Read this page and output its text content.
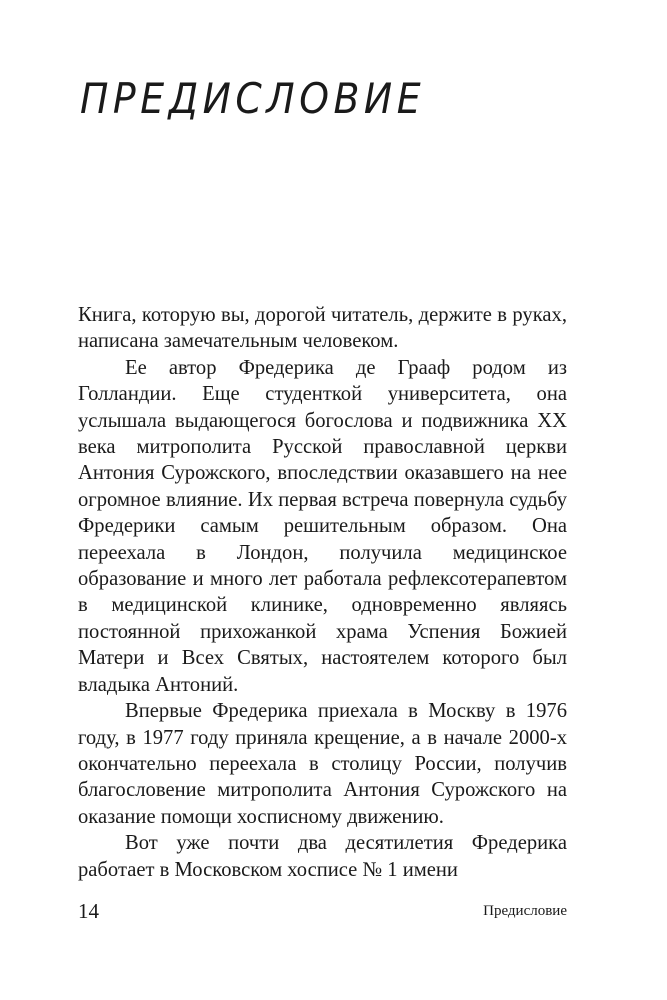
ПРЕДИСЛОВИЕ

Книга, которую вы, дорогой читатель, держите в руках, написана замечательным человеком.

Ее автор Фредерика де Грааф родом из Голландии. Еще студенткой университета, она услышала выдающегося богослова и подвижника XX века митрополита Русской православной церкви Антония Сурожского, впоследствии оказавшего на нее огромное влияние. Их первая встреча повернула судьбу Фредерики самым решительным образом. Она переехала в Лондон, получила медицинское образование и много лет работала рефлексотерапевтом в медицинской клинике, одновременно являясь постоянной прихожанкой храма Успения Божией Матери и Всех Святых, настоятелем которого был владыка Антоний.

Впервые Фредерика приехала в Москву в 1976 году, в 1977 году приняла крещение, а в начале 2000-х окончательно переехала в столицу России, получив благословение митрополита Антония Сурожского на оказание помощи хосписному движению.

Вот уже почти два десятилетия Фредерика работает в Московском хосписе № 1 имени

14	Предисловие
